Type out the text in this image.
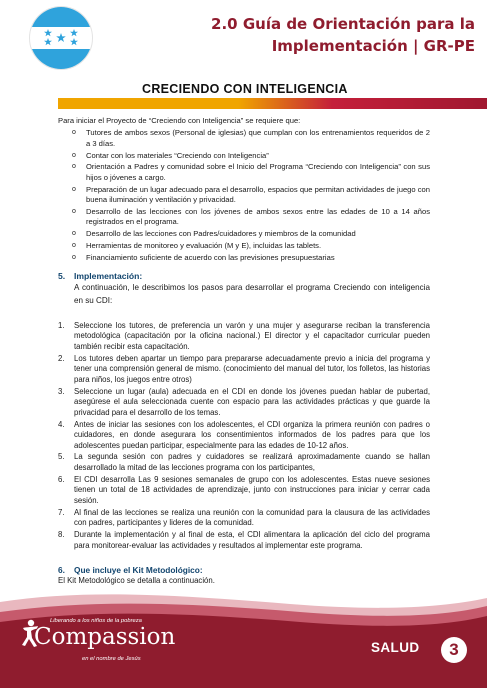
2.0 Guía de Orientación para la Implementación | GR-PE
CRECIENDO CON INTELIGENCIA

Para iniciar el Proyecto de “Creciendo con Inteligencia” se requiere que:

o Tutores de ambos sexos (Personal de iglesias) que cumplan con los entrenamientos requeridos de 2 a 3 días.
o Contar con los materiales “Creciendo con Inteligencia”
o Orientación a Padres y comunidad sobre el Inicio del Programa “Creciendo con Inteligencia” con sus hijos o jóvenes a cargo.
o Preparación de un lugar adecuado para el desarrollo, espacios que permitan actividades de juego con buena iluminación y ventilación y privacidad.
o Desarrollo de las lecciones con los jóvenes de ambos sexos entre las edades de 10 a 14 años registrados en el programa.
o Desarrollo de las lecciones con Padres/cuidadores y miembros de la comunidad
o Herramientas de monitoreo y evaluación (M y E), incluidas las tablets.
o Financiamiento suficiente de acuerdo con las previsiones presupuestarias
5. Implementación:

A continuación, le describimos los pasos para desarrollar el programa Creciendo con inteligencia en su CDI:

1. Seleccione los tutores, de preferencia un varón y una mujer y asegurarse reciban la transferencia metodológica (capacitación por la oficina nacional.) El director y el capacitador curricular pueden también recibir esta capacitación.
2. Los tutores deben apartar un tiempo para prepararse adecuadamente previo a inicia del programa y tener una comprensión general de mismo. (conocimiento del manual del tutor, los folletos, las historias para niños, los juegos entre otros)
3. Seleccione un lugar (aula) adecuada en el CDI en donde los jóvenes puedan hablar de pubertad, asegúrese el aula seleccionada cuente con espacio para las actividades prácticas y que guarde la privacidad para el desarrollo de los temas.
4. Antes de iniciar las sesiones con los adolescentes, el CDI organiza la primera reunión con padres o cuidadores, en donde asegurara los consentimientos informados de los padres para que los adolescentes puedan participar, especialmente para las edades de 10-12 años.
5. La segunda sesión con padres y cuidadores se realizará aproximadamente cuando se hallan desarrollado la mitad de las lecciones programa con los participantes,
6. El CDI desarrolla Las 9 sesiones semanales de grupo con los adolescentes. Estas nueve sesiones tienen un total de 18 actividades de aprendizaje, junto con instrucciones para iniciar y cerrar cada sesión.
7. Al final de las lecciones se realiza una reunión con la comunidad para la clausura de las actividades con padres, participantes y lideres de la comunidad.
8. Durante la implementación y al final de esta, el CDI alimentara la aplicación del ciclo del programa para monitorear-evaluar las actividades y resultados al implementar este programa.
6. Que incluye el Kit Metodológico:

El Kit Metodológico se detalla a continuación.

Liberando a los niños de la pobreza
Compassion
en el nombre de Jesús
SALUD	3
